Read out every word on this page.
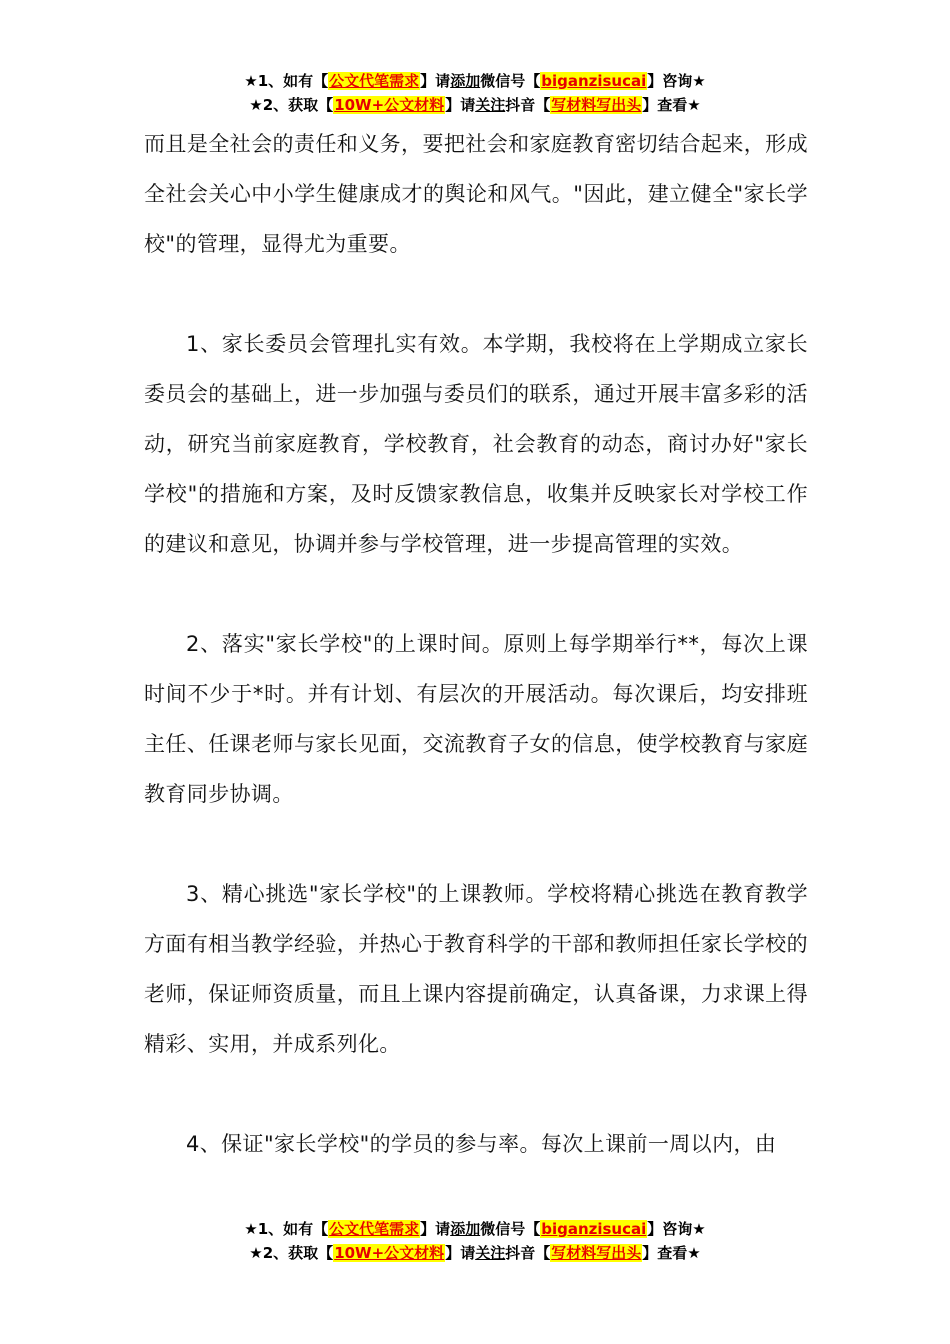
★1、如有【公文代笔需求】请添加微信号【biganzisucai】咨询★
★2、获取【10W+公文材料】请关注抖音【写材料写出头】查看★

而且是全社会的责任和义务，要把社会和家庭教育密切结合起来，形成全社会关心中小学生健康成才的舆论和风气。"因此，建立健全"家长学校"的管理，显得尤为重要。

1、家长委员会管理扎实有效。本学期，我校将在上学期成立家长委员会的基础上，进一步加强与委员们的联系，通过开展丰富多彩的活动，研究当前家庭教育，学校教育，社会教育的动态，商讨办好"家长学校"的措施和方案，及时反馈家教信息，收集并反映家长对学校工作的建议和意见，协调并参与学校管理，进一步提高管理的实效。

2、落实"家长学校"的上课时间。原则上每学期举行**，每次上课时间不少于*时。并有计划、有层次的开展活动。每次课后，均安排班主任、任课老师与家长见面，交流教育子女的信息，使学校教育与家庭教育同步协调。

3、精心挑选"家长学校"的上课教师。学校将精心挑选在教育教学方面有相当教学经验，并热心于教育科学的干部和教师担任家长学校的老师，保证师资质量，而且上课内容提前确定，认真备课，力求课上得精彩、实用，并成系列化。

4、保证"家长学校"的学员的参与率。每次上课前一周以内，由

★1、如有【公文代笔需求】请添加微信号【biganzisucai】咨询★
★2、获取【10W+公文材料】请关注抖音【写材料写出头】查看★
